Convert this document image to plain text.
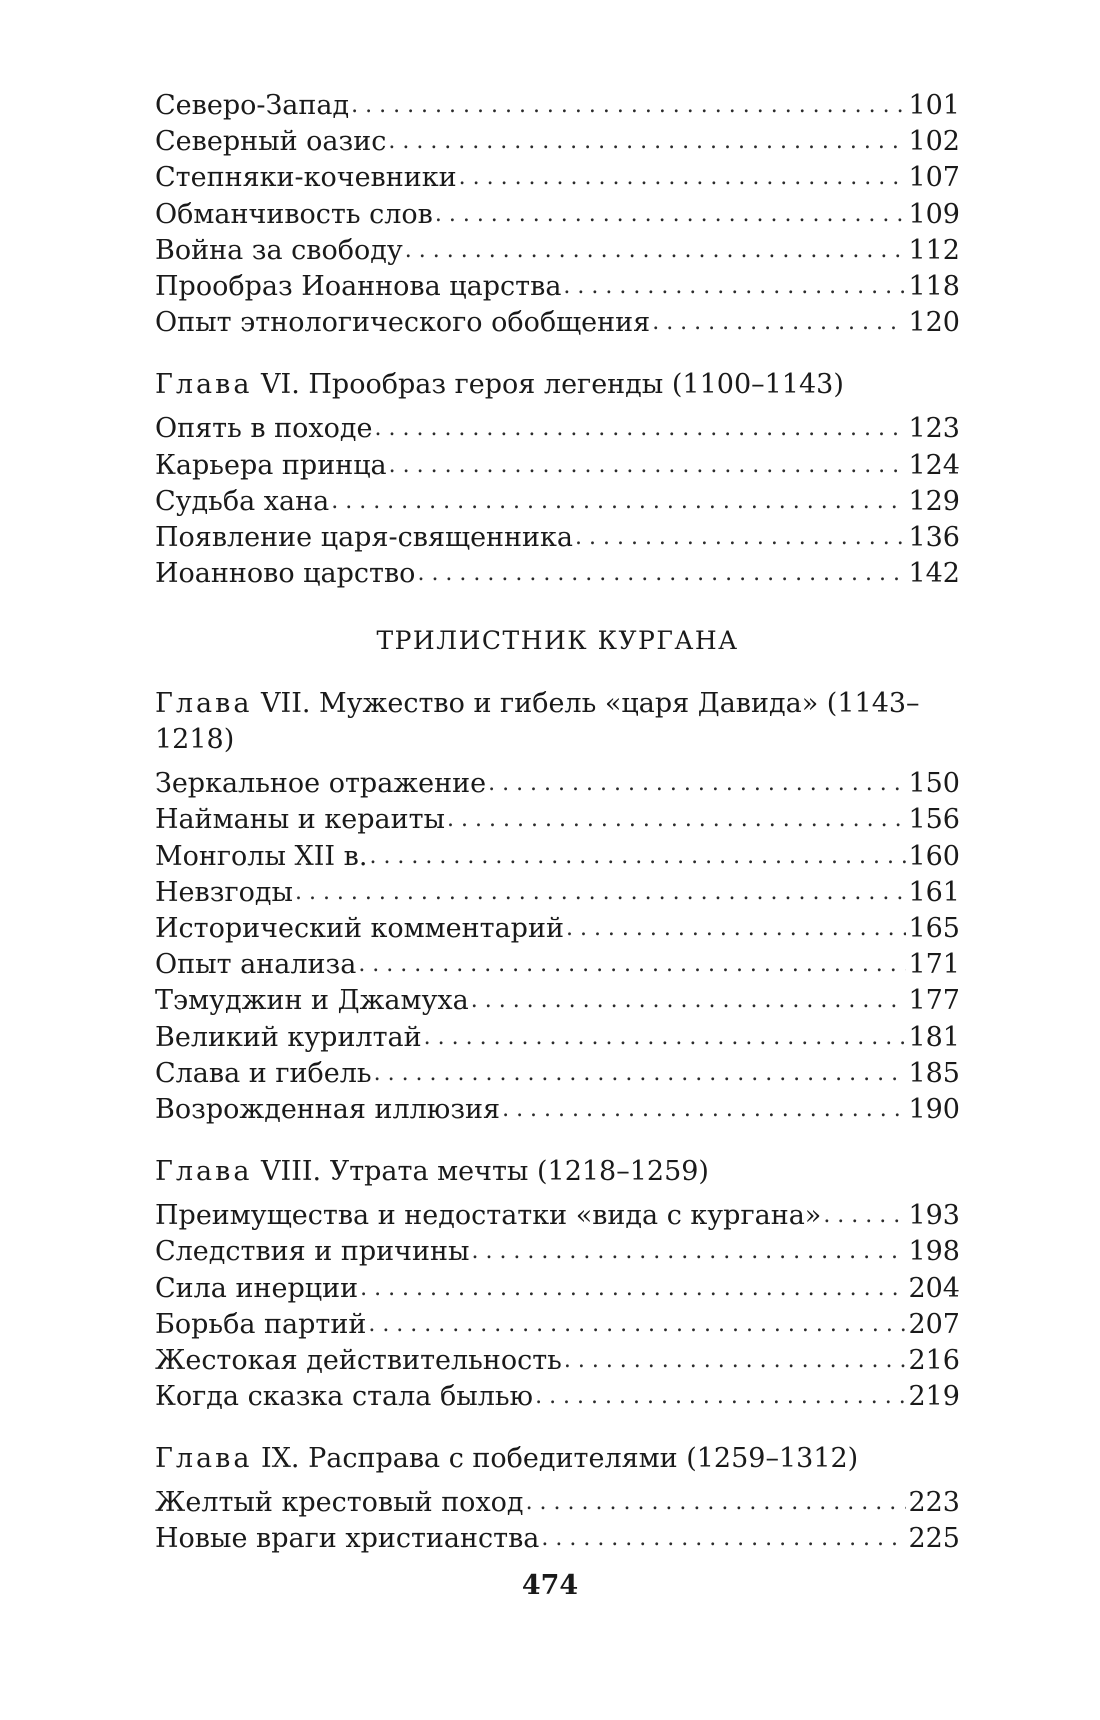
Северо-Запад . . .	101
Северный оазис . . .	102
Степняки-кочевники . . .	107
Обманчивость слов . . .	109
Война за свободу . . .	112
Прообраз Иоаннова царства . . .	118
Опыт этнологического обобщения . . .	120
Глава VI. Прообраз героя легенды (1100–1143)
Опять в походе . . .	123
Карьера принца . . .	124
Судьба хана . . .	129
Появление царя-священника . . .	136
Иоанново царство . . .	142
ТРИЛИСТНИК КУРГАНА
Глава VII. Мужество и гибель «царя Давида» (1143–1218)
Зеркальное отражение . . .	150
Найманы и кераиты . . .	156
Монголы XII в. . . .	160
Невзгоды . . .	161
Исторический комментарий . . .	165
Опыт анализа . . .	171
Тэмуджин и Джамуха . . .	177
Великий курилтай . . .	181
Слава и гибель . . .	185
Возрожденная иллюзия . . .	190
Глава VIII. Утрата мечты (1218–1259)
Преимущества и недостатки «вида с кургана» . . .	193
Следствия и причины . . .	198
Сила инерции . . .	204
Борьба партий . . .	207
Жестокая действительность . . .	216
Когда сказка стала былью . . .	219
Глава IX. Расправа с победителями (1259–1312)
Желтый крестовый поход . . .	223
Новые враги христианства . . .	225
474
